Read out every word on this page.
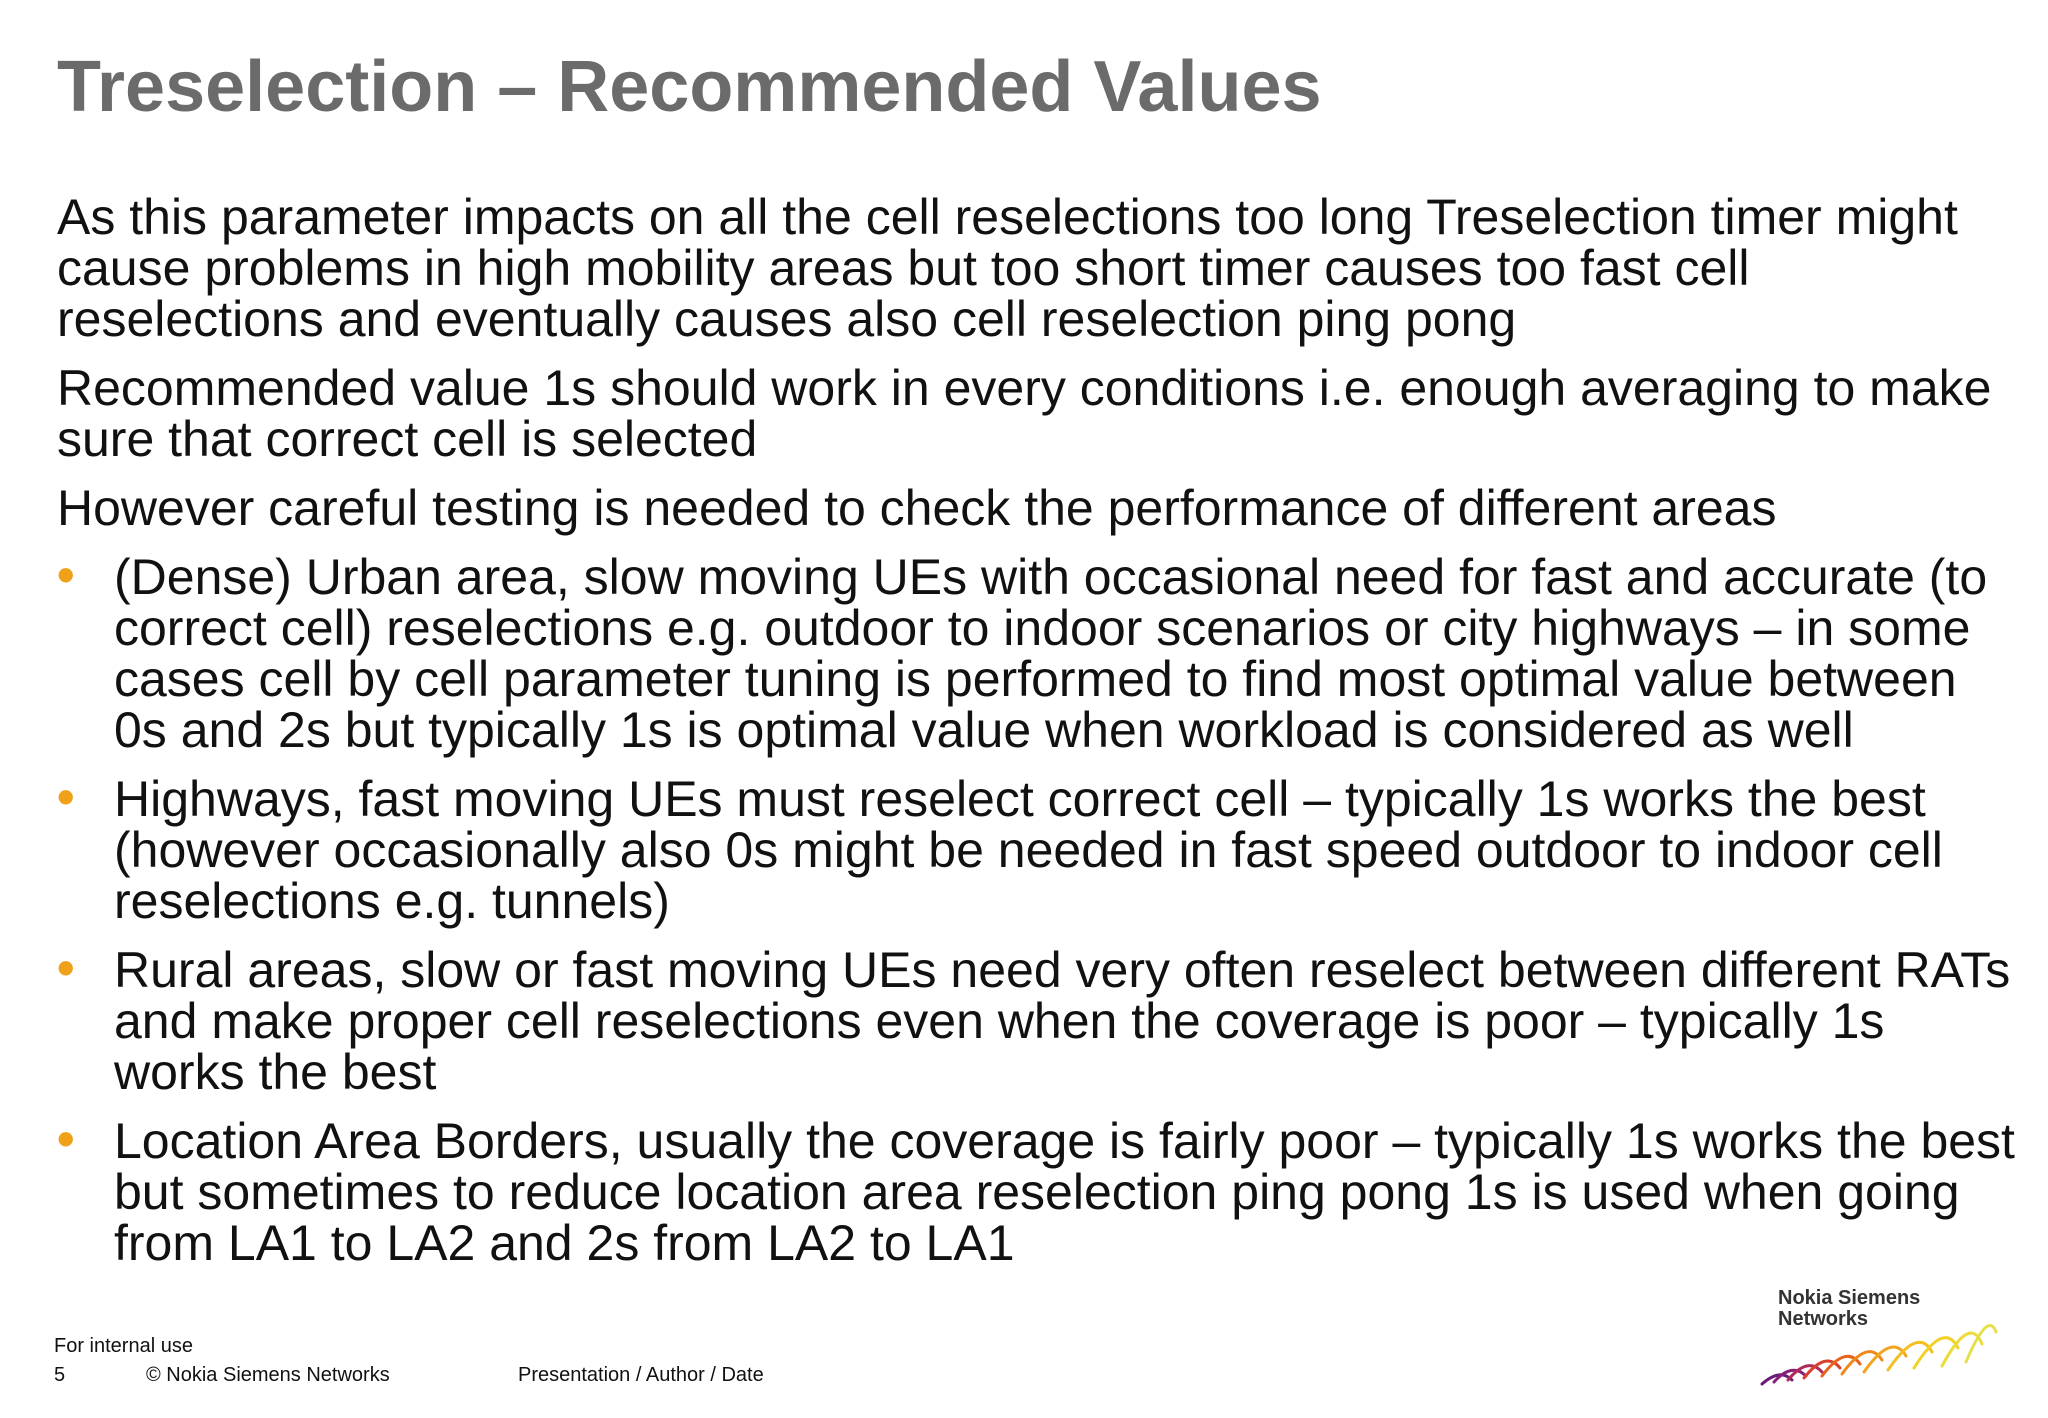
Treselection – Recommended Values

As this parameter impacts on all the cell reselections too long Treselection timer might cause problems in high mobility areas but too short timer causes too fast cell reselections and eventually causes also cell reselection ping pong

Recommended value 1s should work in every conditions i.e. enough averaging to make sure that correct cell is selected

However careful testing is needed to check the performance of different areas

• (Dense) Urban area, slow moving UEs with occasional need for fast and accurate (to correct cell) reselections e.g. outdoor to indoor scenarios or city highways – in some cases cell by cell parameter tuning is performed to find most optimal value between 0s and 2s but typically 1s is optimal value when workload is considered as well
• Highways, fast moving UEs must reselect correct cell – typically 1s works the best (however occasionally also 0s might be needed in fast speed outdoor to indoor cell reselections e.g. tunnels)
• Rural areas, slow or fast moving UEs need very often reselect between different RATs and make proper cell reselections even when the coverage is poor – typically 1s works the best
• Location Area Borders, usually the coverage is fairly poor – typically 1s works the best but sometimes to reduce location area reselection ping pong 1s is used when going from LA1 to LA2 and 2s from LA2 to LA1
For internal use
5	© Nokia Siemens Networks	Presentation / Author / Date
Nokia Siemens
Networks
